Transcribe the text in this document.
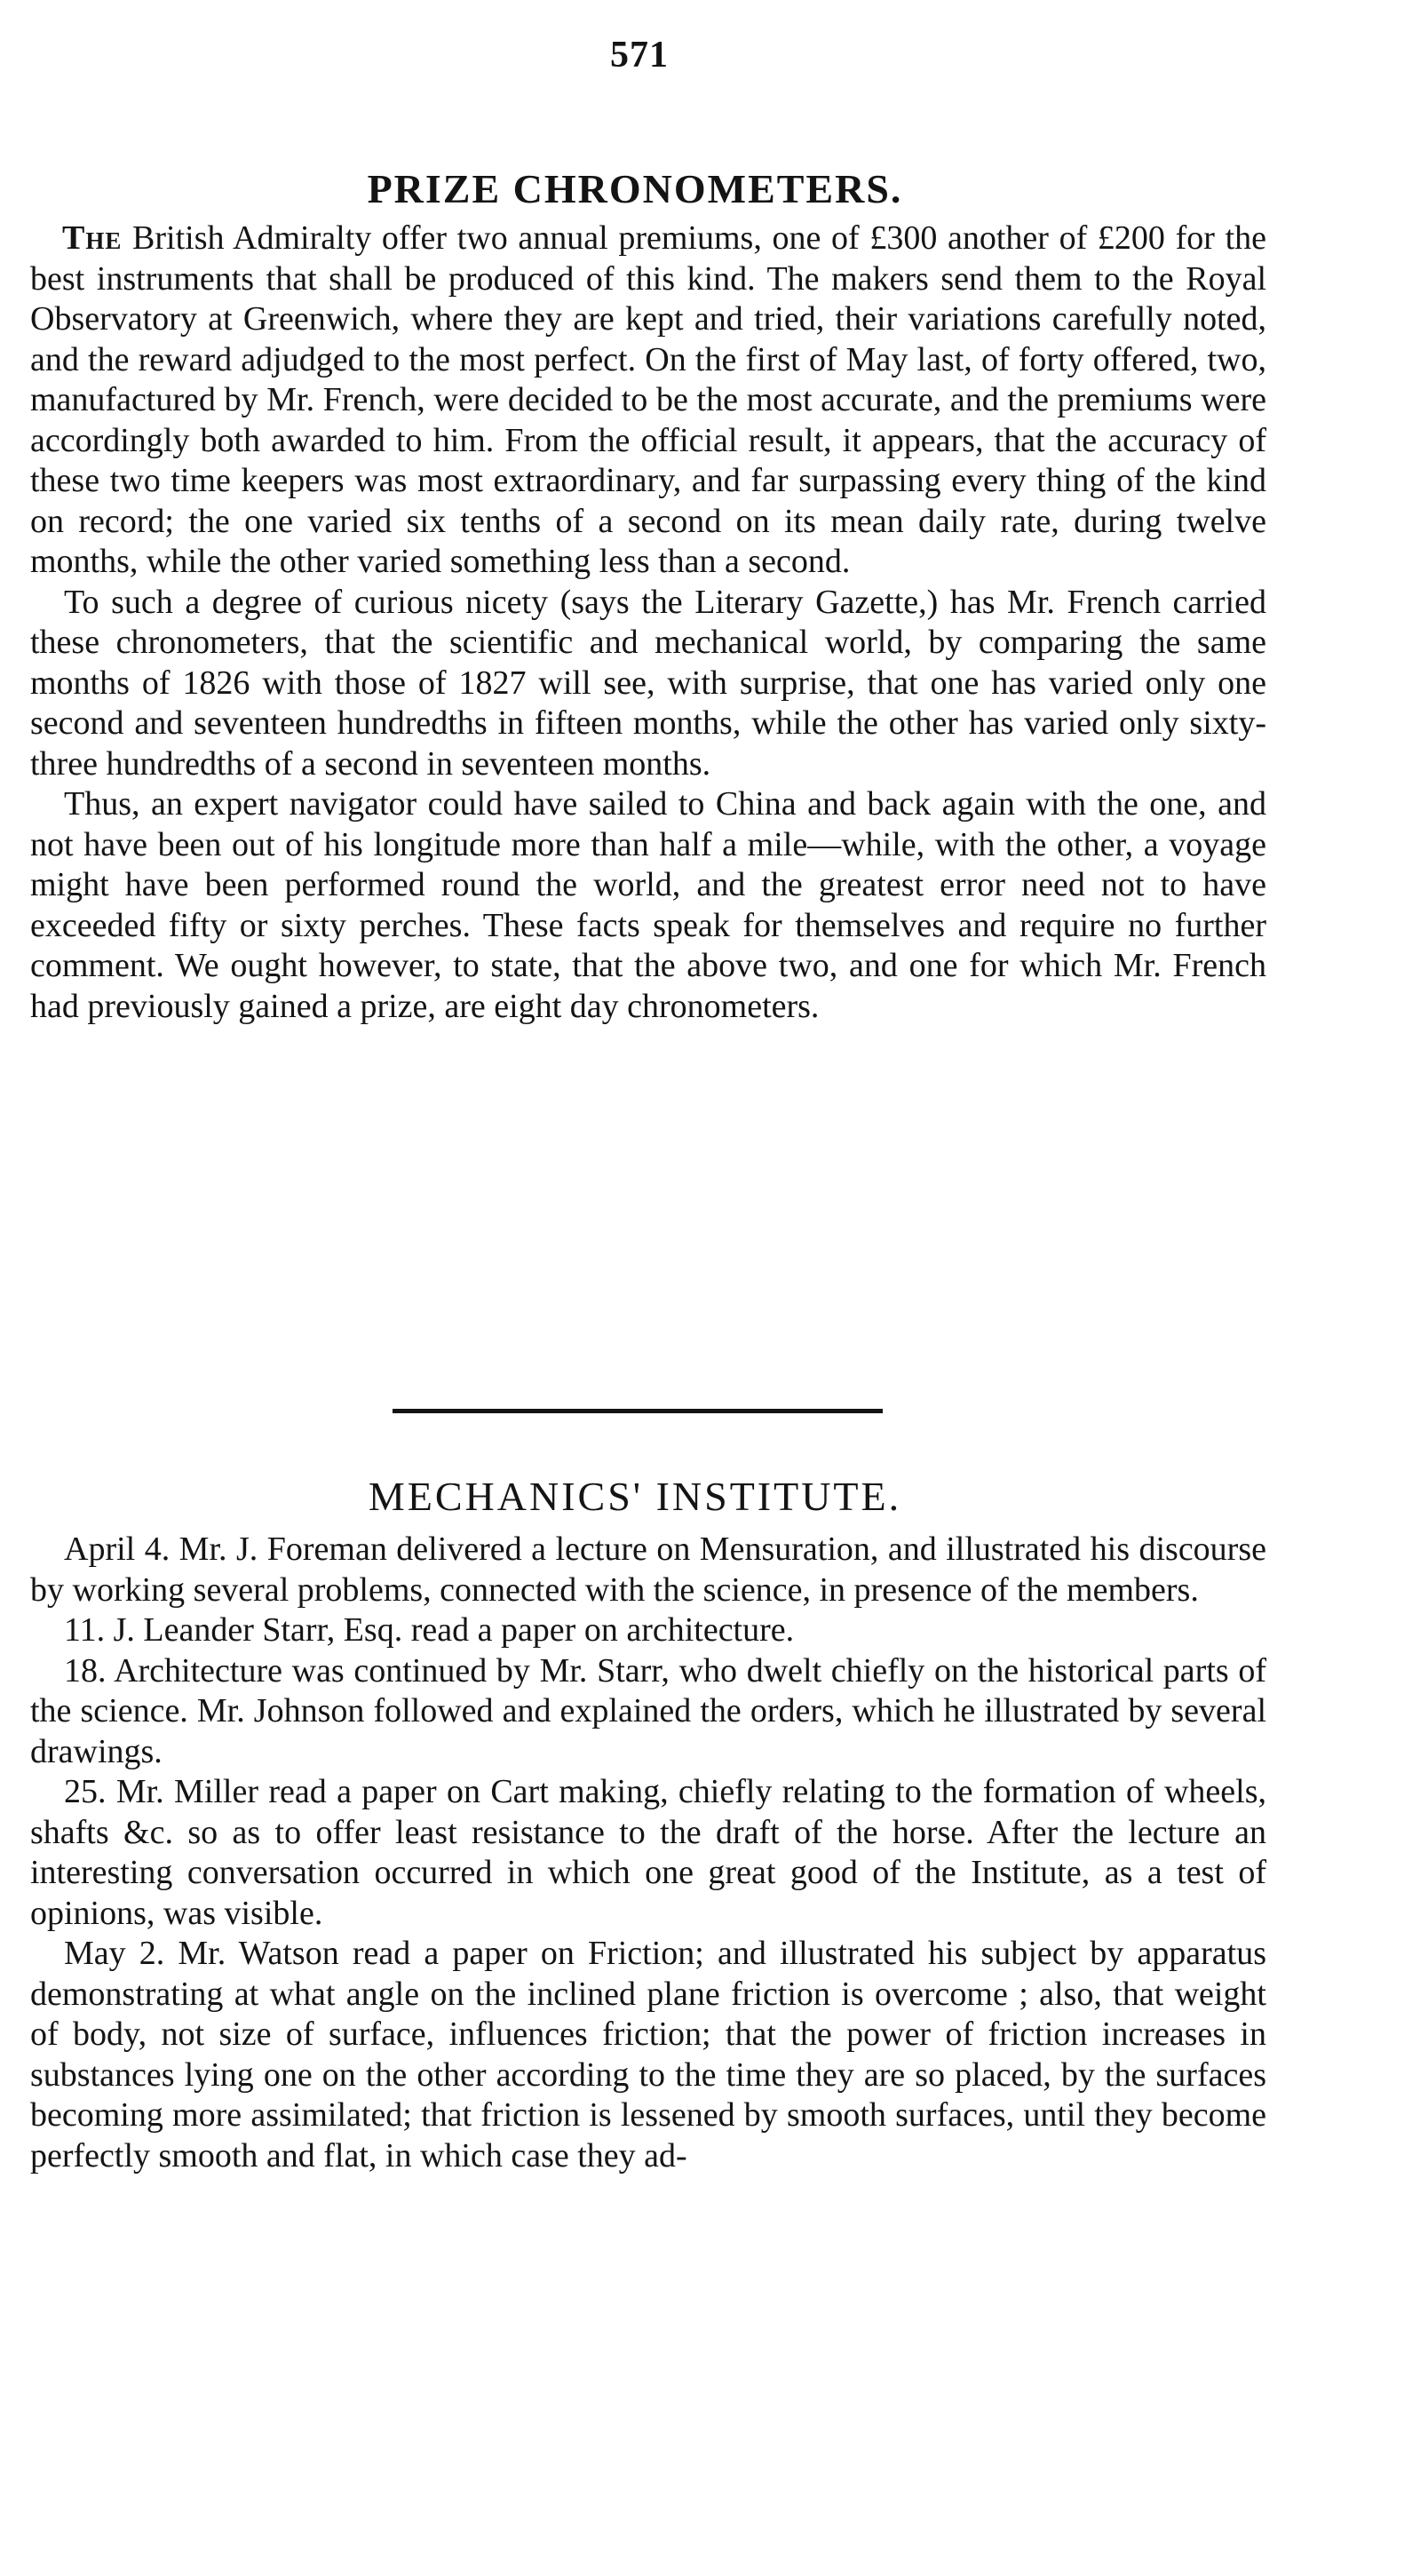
571
PRIZE CHRONOMETERS.

The British Admiralty offer two annual premiums, one of £300 another of £200 for the best instruments that shall be produced of this kind. The makers send them to the Royal Observatory at Greenwich, where they are kept and tried, their variations carefully noted, and the reward adjudged to the most perfect. On the first of May last, of forty offered, two, manufactured by Mr. French, were decided to be the most accurate, and the premiums were accordingly both awarded to him. From the official result, it appears, that the accuracy of these two time keepers was most extraordinary, and far surpassing every thing of the kind on record; the one varied six tenths of a second on its mean daily rate, during twelve months, while the other varied something less than a second.

To such a degree of curious nicety (says the Literary Gazette,) has Mr. French carried these chronometers, that the scientific and mechanical world, by comparing the same months of 1826 with those of 1827 will see, with surprise, that one has varied only one second and seventeen hundredths in fifteen months, while the other has varied only sixty-three hundredths of a second in seventeen months.

Thus, an expert navigator could have sailed to China and back again with the one, and not have been out of his longitude more than half a mile—while, with the other, a voyage might have been performed round the world, and the greatest error need not to have exceeded fifty or sixty perches. These facts speak for themselves and require no further comment. We ought however, to state, that the above two, and one for which Mr. French had previously gained a prize, are eight day chronometers.

MECHANICS' INSTITUTE.

April 4. Mr. J. Foreman delivered a lecture on Mensuration, and illustrated his discourse by working several problems, connected with the science, in presence of the members.

11. J. Leander Starr, Esq. read a paper on architecture.

18. Architecture was continued by Mr. Starr, who dwelt chiefly on the historical parts of the science. Mr. Johnson followed and explained the orders, which he illustrated by several drawings.

25. Mr. Miller read a paper on Cart making, chiefly relating to the formation of wheels, shafts &c. so as to offer least resistance to the draft of the horse. After the lecture an interesting conversation occurred in which one great good of the Institute, as a test of opinions, was visible.

May 2. Mr. Watson read a paper on Friction; and illustrated his subject by apparatus demonstrating at what angle on the inclined plane friction is overcome ; also, that weight of body, not size of surface, influences friction; that the power of friction increases in substances lying one on the other according to the time they are so placed, by the surfaces becoming more assimilated; that friction is lessened by smooth surfaces, until they become perfectly smooth and flat, in which case they ad-
